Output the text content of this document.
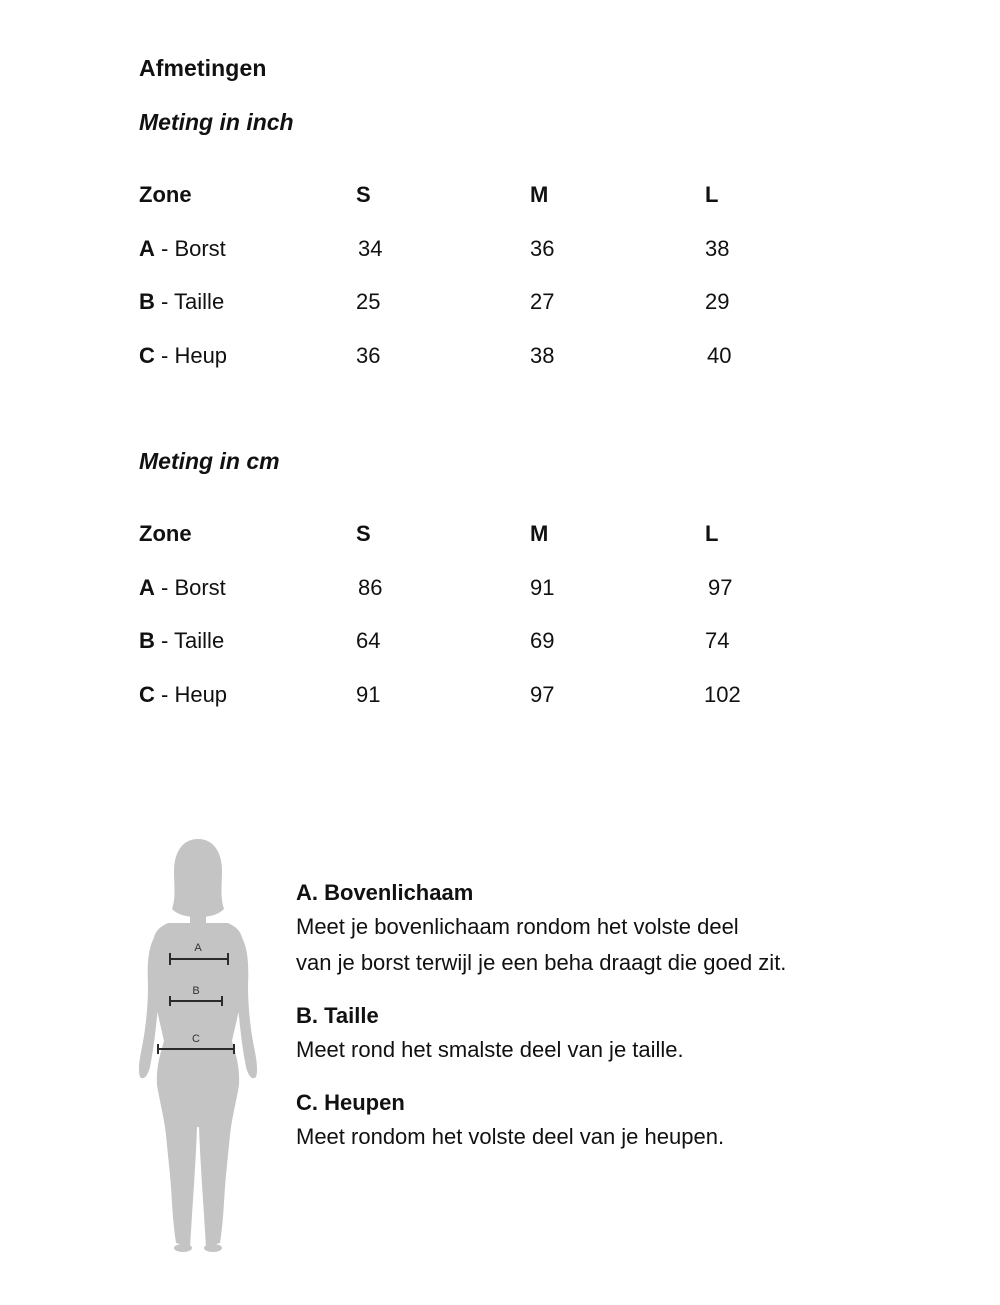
Afmetingen
Meting in inch
Zone	S	M	L
A - Borst	34	36	38
B - Taille	25	27	29
C - Heup	36	38	40
Meting in cm
Zone	S	M	L
A - Borst	86	91	97
B - Taille	64	69	74
C - Heup	91	97	102
A
B
C
A. Bovenlichaam
Meet je bovenlichaam rondom het volste deel
van je borst terwijl je een beha draagt die goed zit.
B. Taille
Meet rond het smalste deel van je taille.
C. Heupen
Meet rondom het volste deel van je heupen.
